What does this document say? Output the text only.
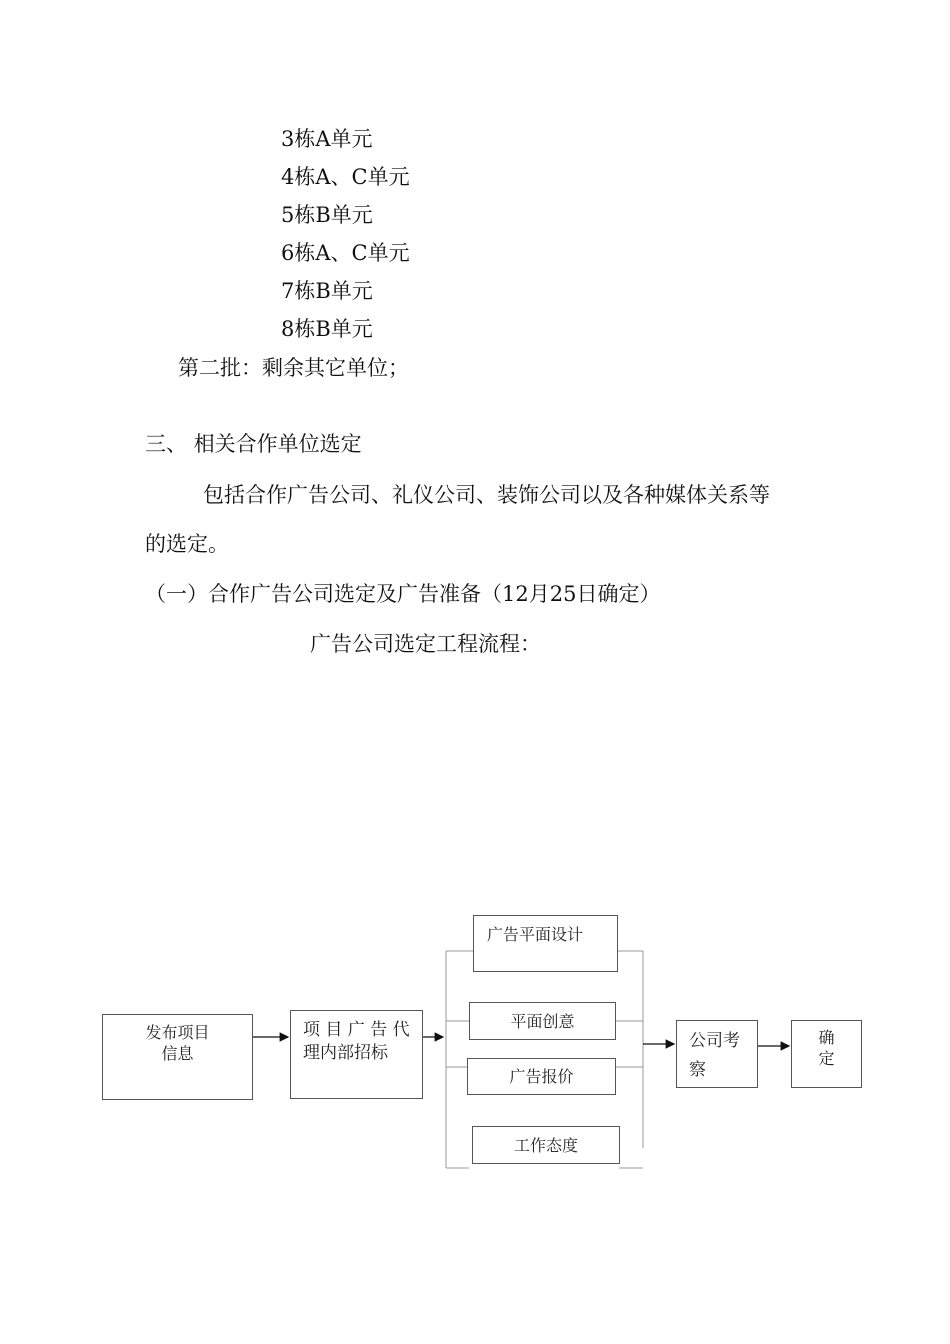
3栋A单元
4栋A、C单元
5栋B单元
6栋A、C单元
7栋B单元
8栋B单元
第二批：剩余其它单位；
三、 相关合作单位选定
包括合作广告公司、礼仪公司、装饰公司以及各种媒体关系等
的选定。
（一）合作广告公司选定及广告准备（12月25日确定）
广告公司选定工程流程：
发布项目
信息
项 目 广 告 代
理内部招标
广告平面设计
平面创意
广告报价
工作态度
公司考
察
确
定
